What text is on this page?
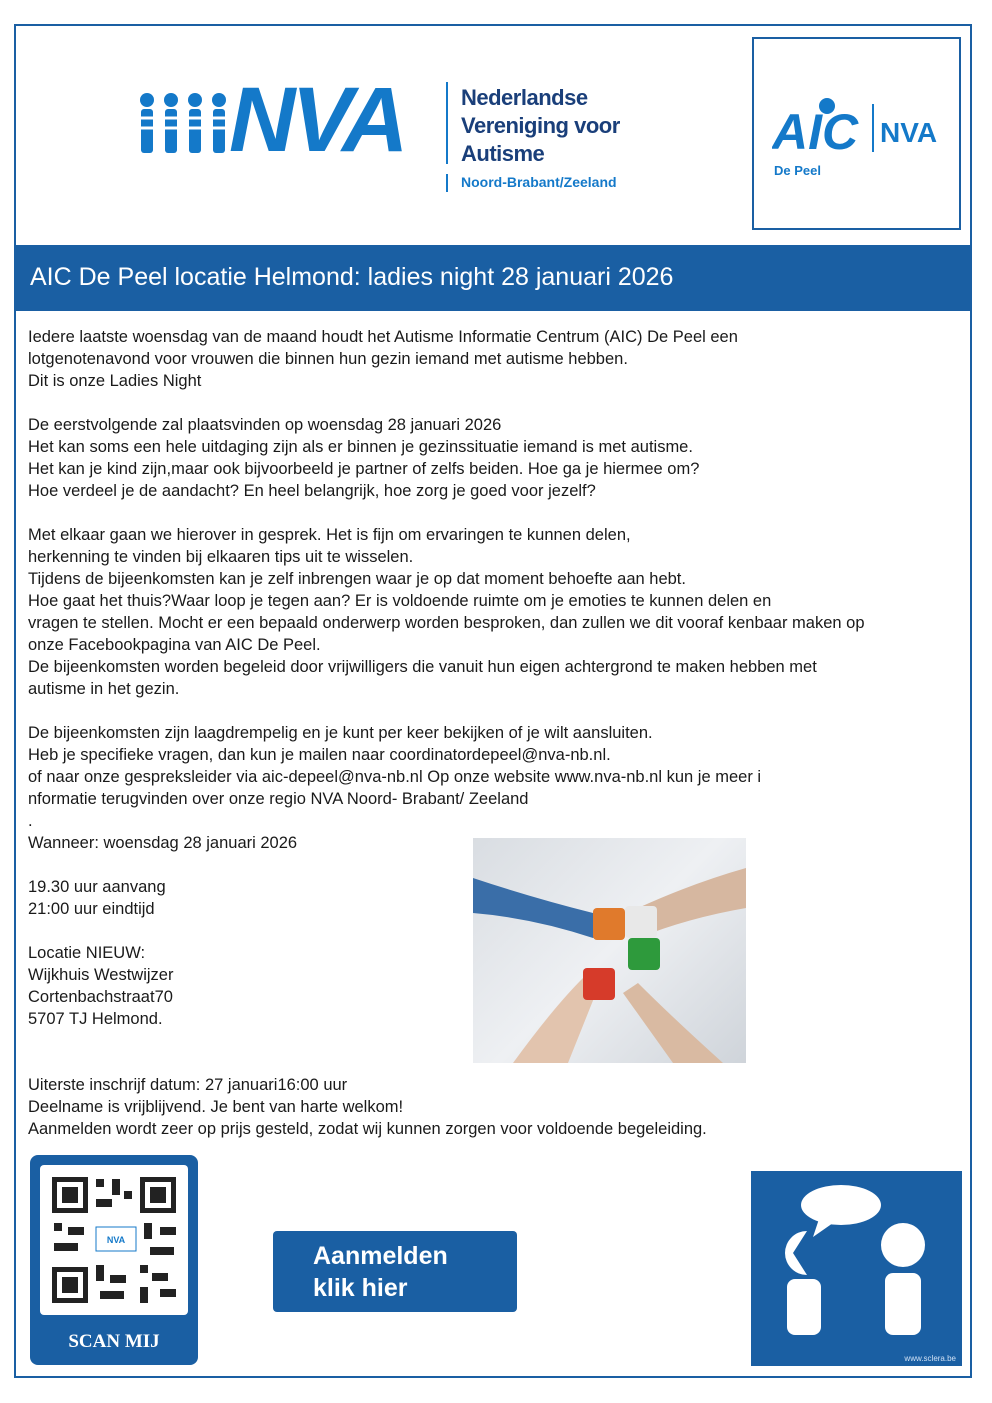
NVA	Nederlandse
Vereniging voor
Autisme
Noord-Brabant/Zeeland
AIC NVA
De Peel
AIC De Peel locatie Helmond: ladies night 28 januari 2026

Iedere laatste woensdag van de maand houdt het Autisme Informatie Centrum (AIC) De Peel een

lotgenotenavond voor vrouwen die binnen hun gezin iemand met autisme hebben.

Dit is onze Ladies Night

De eerstvolgende zal plaatsvinden op woensdag 28 januari 2026

Het kan soms een hele uitdaging zijn als er binnen je gezinssituatie iemand is met autisme.

Het kan je kind zijn,maar ook bijvoorbeeld je partner of zelfs beiden. Hoe ga je hiermee om?

Hoe verdeel je de aandacht? En heel belangrijk, hoe zorg je goed voor jezelf?

Met elkaar gaan we hierover in gesprek. Het is fijn om ervaringen te kunnen delen,

herkenning te vinden bij elkaaren tips uit te wisselen.

Tijdens de bijeenkomsten kan je zelf inbrengen waar je op dat moment behoefte aan hebt.

Hoe gaat het thuis?Waar loop je tegen aan? Er is voldoende ruimte om je emoties te kunnen delen en

vragen te stellen. Mocht er een bepaald onderwerp worden besproken, dan zullen we dit vooraf kenbaar maken op

onze Facebookpagina van AIC De Peel.

De bijeenkomsten worden begeleid door vrijwilligers die vanuit hun eigen achtergrond te maken hebben met

autisme in het gezin.

De bijeenkomsten zijn laagdrempelig en je kunt per keer bekijken of je wilt aansluiten.

Heb je specifieke vragen, dan kun je mailen naar coordinatordepeel@nva-nb.nl.

of naar onze gespreksleider via aic-depeel@nva-nb.nl Op onze website www.nva-nb.nl kun je meer i

nformatie terugvinden over onze regio NVA Noord- Brabant/ Zeeland

.

Wanneer: woensdag 28 januari 2026

19.30 uur aanvang

21:00 uur eindtijd

Locatie NIEUW:

Wijkhuis Westwijzer

Cortenbachstraat70

5707 TJ Helmond.

Uiterste inschrijf datum: 27 januari16:00 uur

Deelname is vrijblijvend. Je bent van harte welkom!

Aanmelden wordt zeer op prijs gesteld, zodat wij kunnen zorgen voor voldoende begeleiding.

NVA
SCAN MIJ
Aanmelden
klik hier
www.sclera.be
